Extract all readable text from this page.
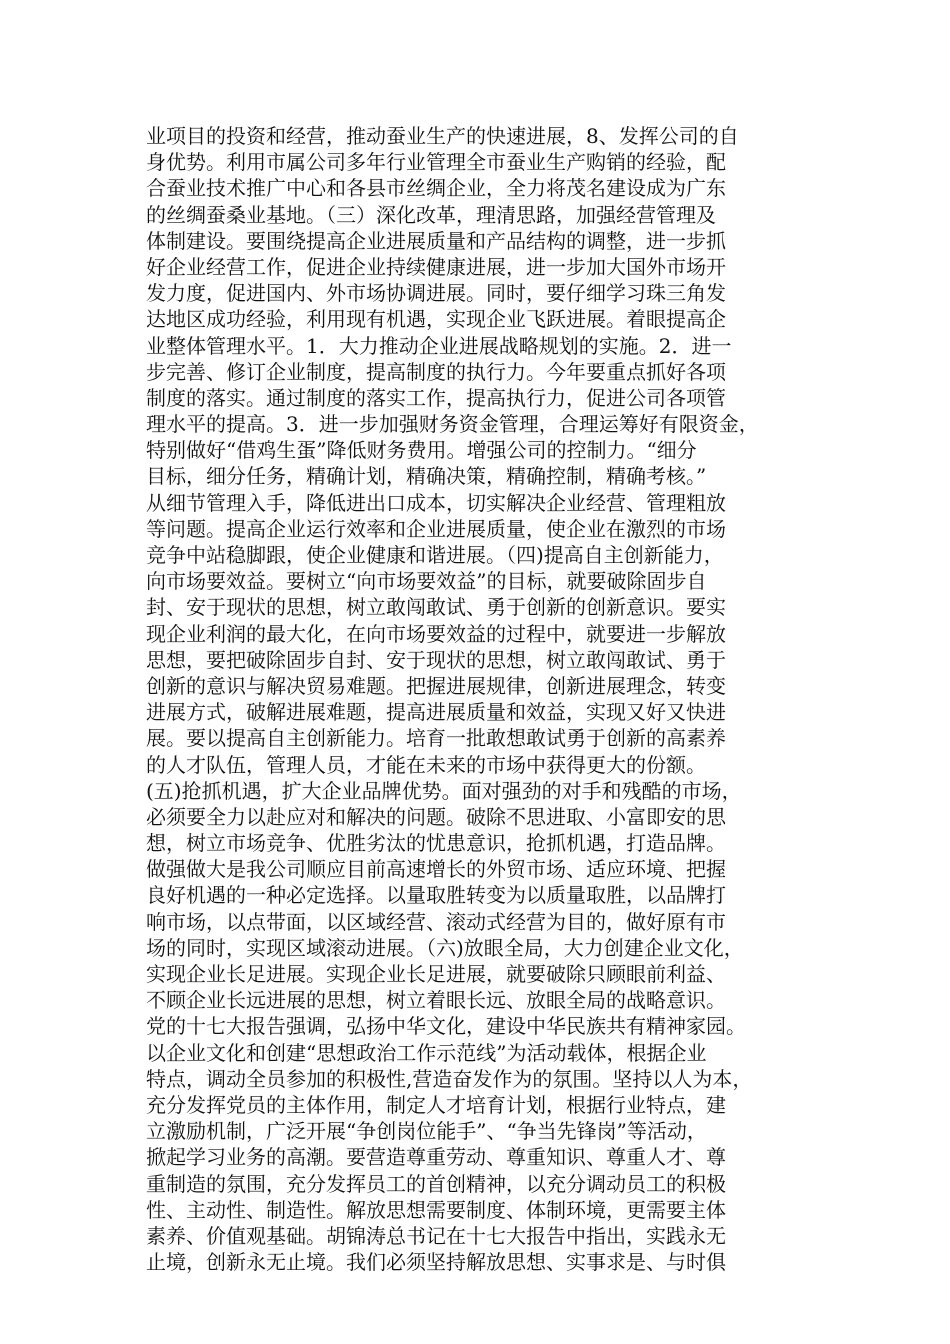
业项目的投资和经营，推动蚕业生产的快速进展，8、发挥公司的自
身优势。利用市属公司多年行业管理全市蚕业生产购销的经验，配
合蚕业技术推广中心和各县市丝绸企业，全力将茂名建设成为广东
的丝绸蚕桑业基地。（三）深化改革，理清思路，加强经营管理及
体制建设。要围绕提高企业进展质量和产品结构的调整，进一步抓
好企业经营工作，促进企业持续健康进展，进一步加大国外市场开
发力度，促进国内、外市场协调进展。同时，要仔细学习珠三角发
达地区成功经验，利用现有机遇，实现企业飞跃进展。着眼提高企
业整体管理水平。1．大力推动企业进展战略规划的实施。2．进一
步完善、修订企业制度，提高制度的执行力。今年要重点抓好各项
制度的落实。通过制度的落实工作，提高执行力，促进公司各项管
理水平的提高。3．进一步加强财务资金管理，合理运筹好有限资金，
特别做好“借鸡生蛋”降低财务费用。增强公司的控制力。“细分
目标，细分任务，精确计划，精确决策，精确控制，精确考核。”
从细节管理入手，降低进出口成本，切实解决企业经营、管理粗放
等问题。提高企业运行效率和企业进展质量，使企业在激烈的市场
竞争中站稳脚跟，使企业健康和谐进展。（四)提高自主创新能力，
向市场要效益。要树立“向市场要效益”的目标，就要破除固步自
封、安于现状的思想，树立敢闯敢试、勇于创新的创新意识。要实
现企业利润的最大化，在向市场要效益的过程中，就要进一步解放
思想，要把破除固步自封、安于现状的思想，树立敢闯敢试、勇于
创新的意识与解决贸易难题。把握进展规律，创新进展理念，转变
进展方式，破解进展难题，提高进展质量和效益，实现又好又快进
展。要以提高自主创新能力。培育一批敢想敢试勇于创新的高素养
的人才队伍，管理人员，才能在未来的市场中获得更大的份额。
(五)抢抓机遇，扩大企业品牌优势。面对强劲的对手和残酷的市场，
必须要全力以赴应对和解决的问题。破除不思进取、小富即安的思
想，树立市场竞争、优胜劣汰的忧患意识，抢抓机遇，打造品牌。
做强做大是我公司顺应目前高速增长的外贸市场、适应环境、把握
良好机遇的一种必定选择。以量取胜转变为以质量取胜，以品牌打
响市场，以点带面，以区域经营、滚动式经营为目的，做好原有市
场的同时，实现区域滚动进展。（六)放眼全局，大力创建企业文化，
实现企业长足进展。实现企业长足进展，就要破除只顾眼前利益、
不顾企业长远进展的思想，树立着眼长远、放眼全局的战略意识。
党的十七大报告强调，弘扬中华文化，建设中华民族共有精神家园。
以企业文化和创建“思想政治工作示范线”为活动载体，根据企业
特点，调动全员参加的积极性,营造奋发作为的氛围。坚持以人为本，
充分发挥党员的主体作用，制定人才培育计划，根据行业特点，建
立激励机制，广泛开展“争创岗位能手”、“争当先锋岗”等活动，
掀起学习业务的高潮。要营造尊重劳动、尊重知识、尊重人才、尊
重制造的氛围，充分发挥员工的首创精神，以充分调动员工的积极
性、主动性、制造性。解放思想需要制度、体制环境，更需要主体
素养、价值观基础。胡锦涛总书记在十七大报告中指出，实践永无
止境，创新永无止境。我们必须坚持解放思想、实事求是、与时俱
